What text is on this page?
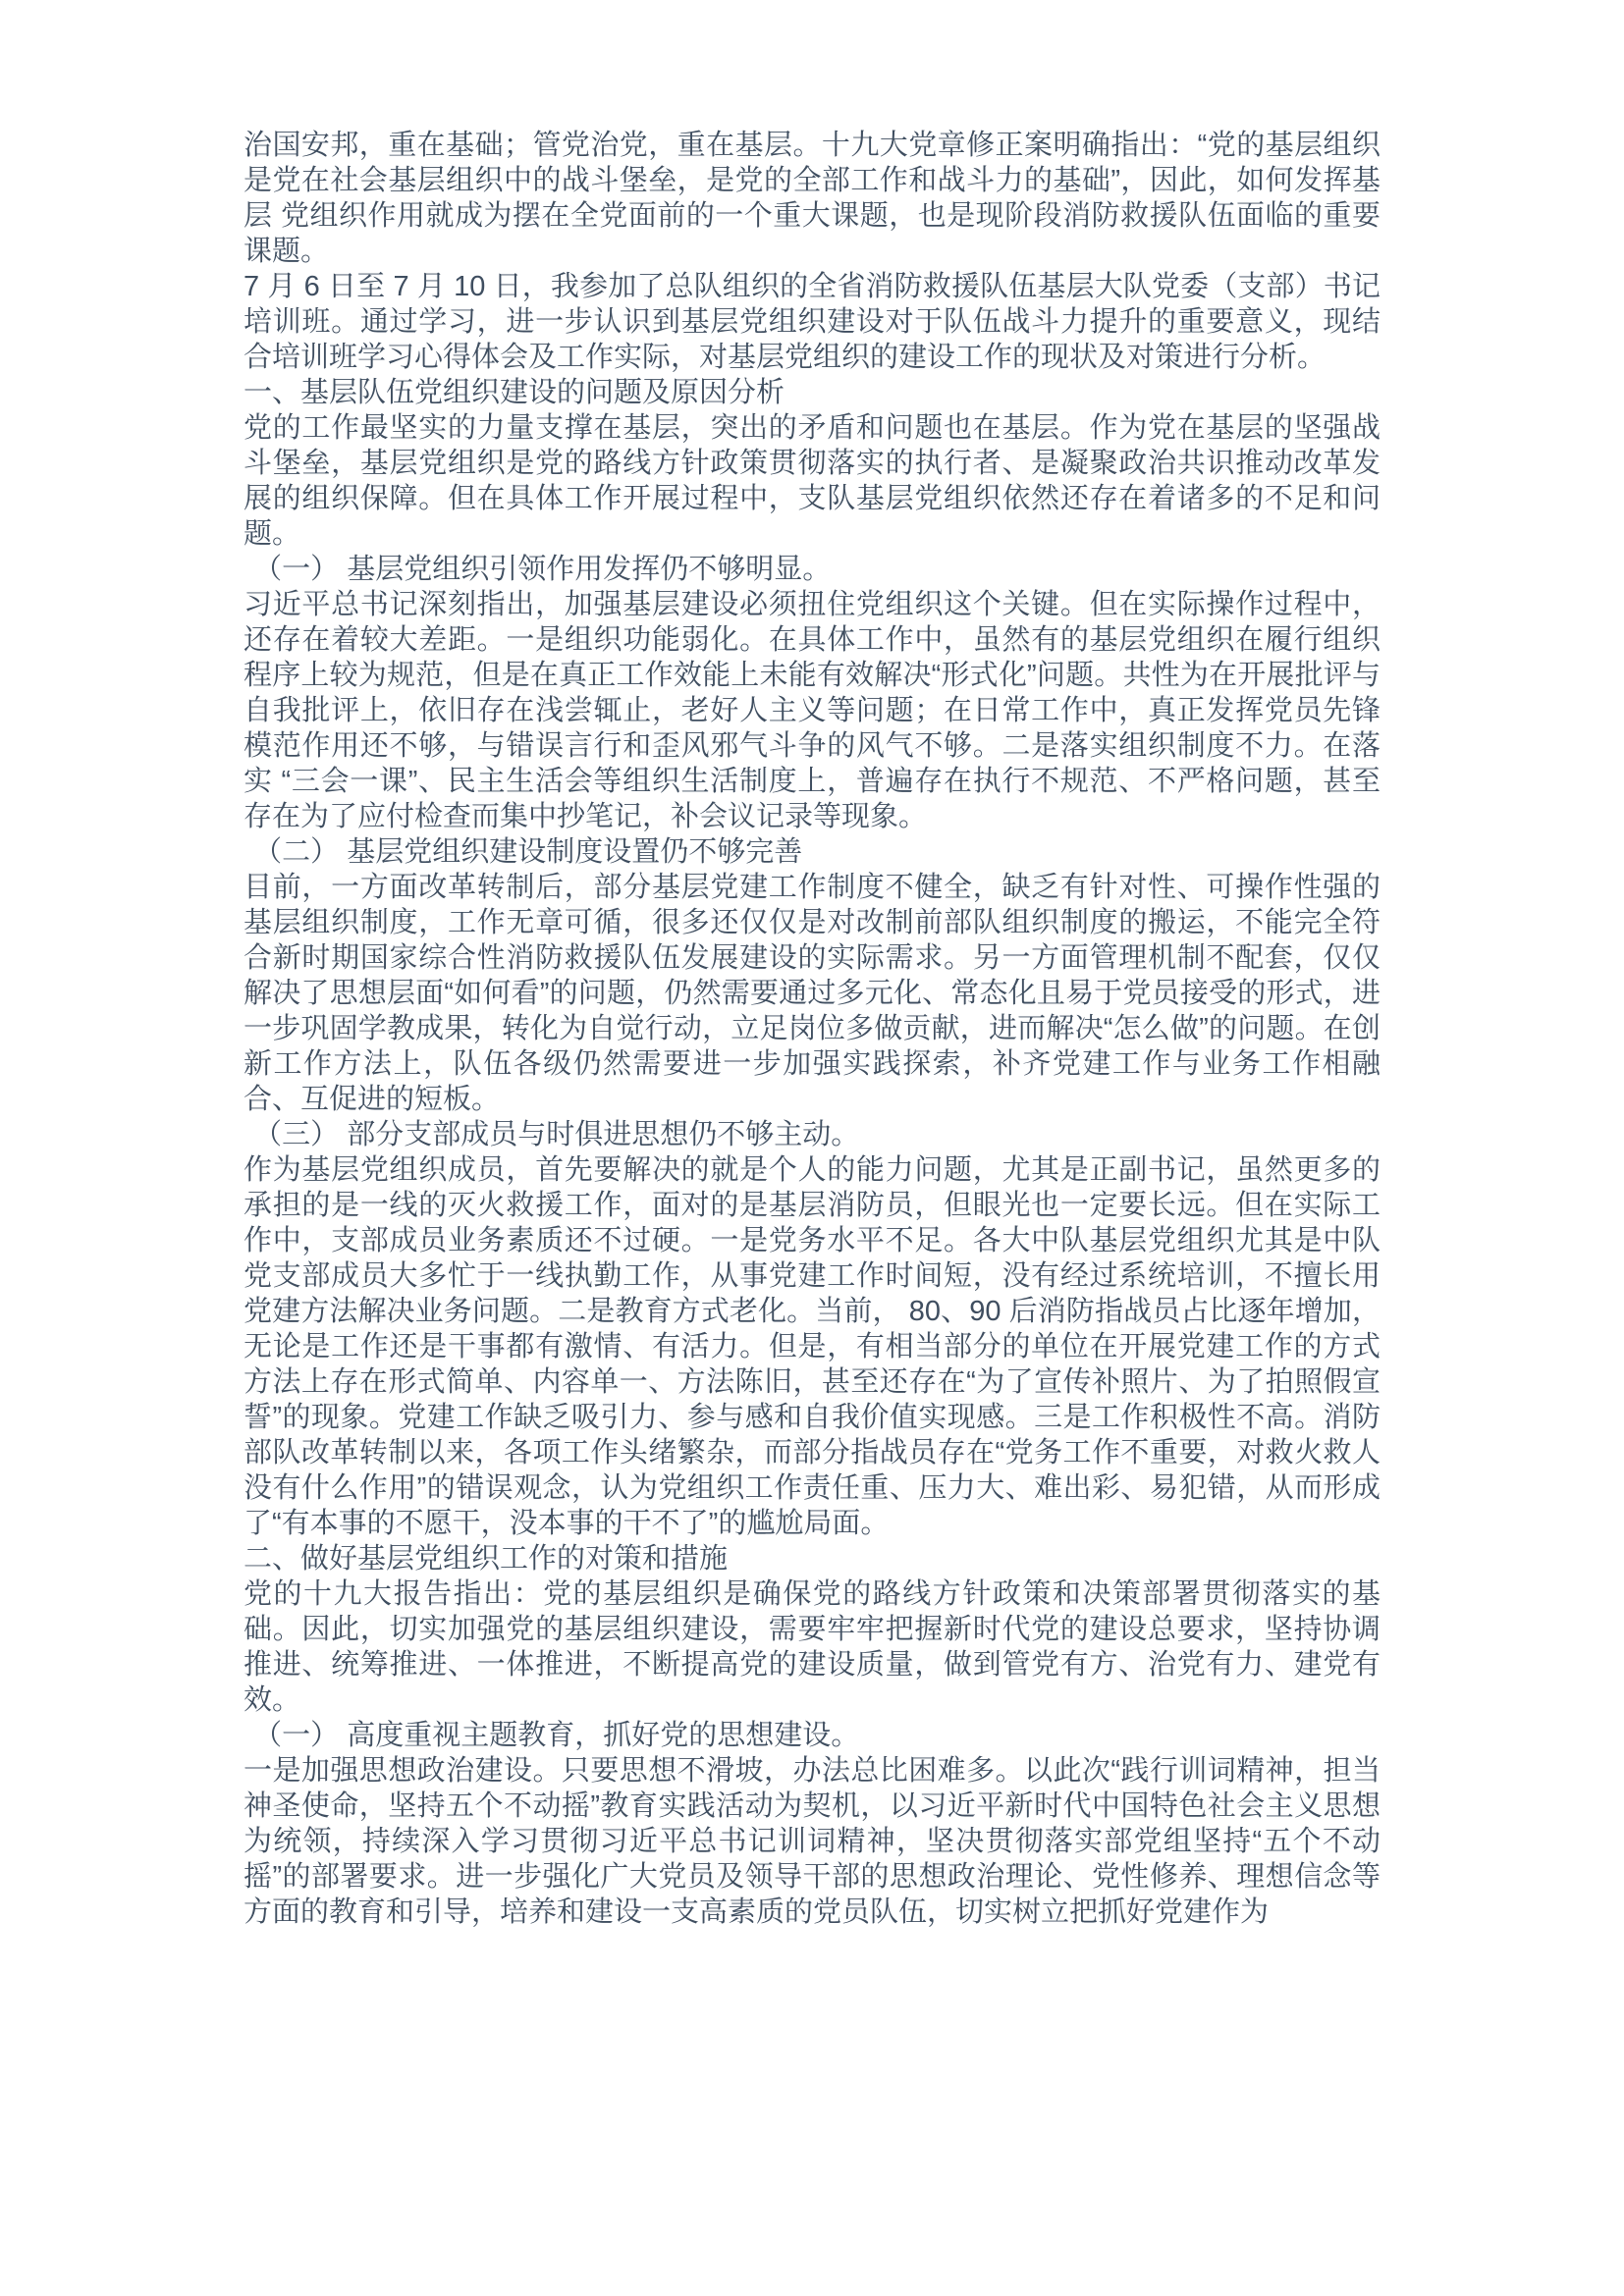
治国安邦，重在基础；管党治党，重在基层。十九大党章修正案明确指出：“党的基层组织是党在社会基层组织中的战斗堡垒，是党的全部工作和战斗力的基础”，因此，如何发挥基层 党组织作用就成为摆在全党面前的一个重大课题，也是现阶段消防救援队伍面临的重要课题。

7 月 6 日至 7 月 10 日，我参加了总队组织的全省消防救援队伍基层大队党委（支部）书记培训班。通过学习，进一步认识到基层党组织建设对于队伍战斗力提升的重要意义，现结合培训班学习心得体会及工作实际，对基层党组织的建设工作的现状及对策进行分析。

一、基层队伍党组织建设的问题及原因分析

党的工作最坚实的力量支撑在基层，突出的矛盾和问题也在基层。作为党在基层的坚强战斗堡垒，基层党组织是党的路线方针政策贯彻落实的执行者、是凝聚政治共识推动改革发展的组织保障。但在具体工作开展过程中，支队基层党组织依然还存在着诸多的不足和问题。

（一） 基层党组织引领作用发挥仍不够明显。

习近平总书记深刻指出，加强基层建设必须扭住党组织这个关键。但在实际操作过程中，还存在着较大差距。一是组织功能弱化。在具体工作中，虽然有的基层党组织在履行组织程序上较为规范，但是在真正工作效能上未能有效解决“形式化”问题。共性为在开展批评与自我批评上，依旧存在浅尝辄止，老好人主义等问题；在日常工作中，真正发挥党员先锋模范作用还不够，与错误言行和歪风邪气斗争的风气不够。二是落实组织制度不力。在落实 “三会一课”、民主生活会等组织生活制度上，普遍存在执行不规范、不严格问题，甚至存在为了应付检查而集中抄笔记，补会议记录等现象。

（二） 基层党组织建设制度设置仍不够完善

目前，一方面改革转制后，部分基层党建工作制度不健全，缺乏有针对性、可操作性强的基层组织制度，工作无章可循，很多还仅仅是对改制前部队组织制度的搬运，不能完全符合新时期国家综合性消防救援队伍发展建设的实际需求。另一方面管理机制不配套，仅仅解决了思想层面“如何看”的问题，仍然需要通过多元化、常态化且易于党员接受的形式，进一步巩固学教成果，转化为自觉行动，立足岗位多做贡献，进而解决“怎么做”的问题。在创新工作方法上，队伍各级仍然需要进一步加强实践探索，补齐党建工作与业务工作相融合、互促进的短板。

（三） 部分支部成员与时俱进思想仍不够主动。

作为基层党组织成员，首先要解决的就是个人的能力问题，尤其是正副书记，虽然更多的承担的是一线的灭火救援工作，面对的是基层消防员，但眼光也一定要长远。但在实际工作中，支部成员业务素质还不过硬。一是党务水平不足。各大中队基层党组织尤其是中队党支部成员大多忙于一线执勤工作，从事党建工作时间短，没有经过系统培训，不擅长用党建方法解决业务问题。二是教育方式老化。当前， 80、90 后消防指战员占比逐年增加，无论是工作还是干事都有激情、有活力。但是，有相当部分的单位在开展党建工作的方式方法上存在形式简单、内容单一、方法陈旧，甚至还存在“为了宣传补照片、为了拍照假宣誓”的现象。党建工作缺乏吸引力、参与感和自我价值实现感。三是工作积极性不高。消防部队改革转制以来，各项工作头绪繁杂，而部分指战员存在“党务工作不重要，对救火救人没有什么作用”的错误观念，认为党组织工作责任重、压力大、难出彩、易犯错，从而形成了“有本事的不愿干，没本事的干不了”的尴尬局面。

二、做好基层党组织工作的对策和措施

党的十九大报告指出：党的基层组织是确保党的路线方针政策和决策部署贯彻落实的基础。因此，切实加强党的基层组织建设，需要牢牢把握新时代党的建设总要求，坚持协调推进、统筹推进、一体推进，不断提高党的建设质量，做到管党有方、治党有力、建党有效。

（一） 高度重视主题教育，抓好党的思想建设。

一是加强思想政治建设。只要思想不滑坡，办法总比困难多。以此次“践行训词精神，担当神圣使命，坚持五个不动摇”教育实践活动为契机，以习近平新时代中国特色社会主义思想为统领，持续深入学习贯彻习近平总书记训词精神，坚决贯彻落实部党组坚持“五个不动摇”的部署要求。进一步强化广大党员及领导干部的思想政治理论、党性修养、理想信念等方面的教育和引导，培养和建设一支高素质的党员队伍，切实树立把抓好党建作为
